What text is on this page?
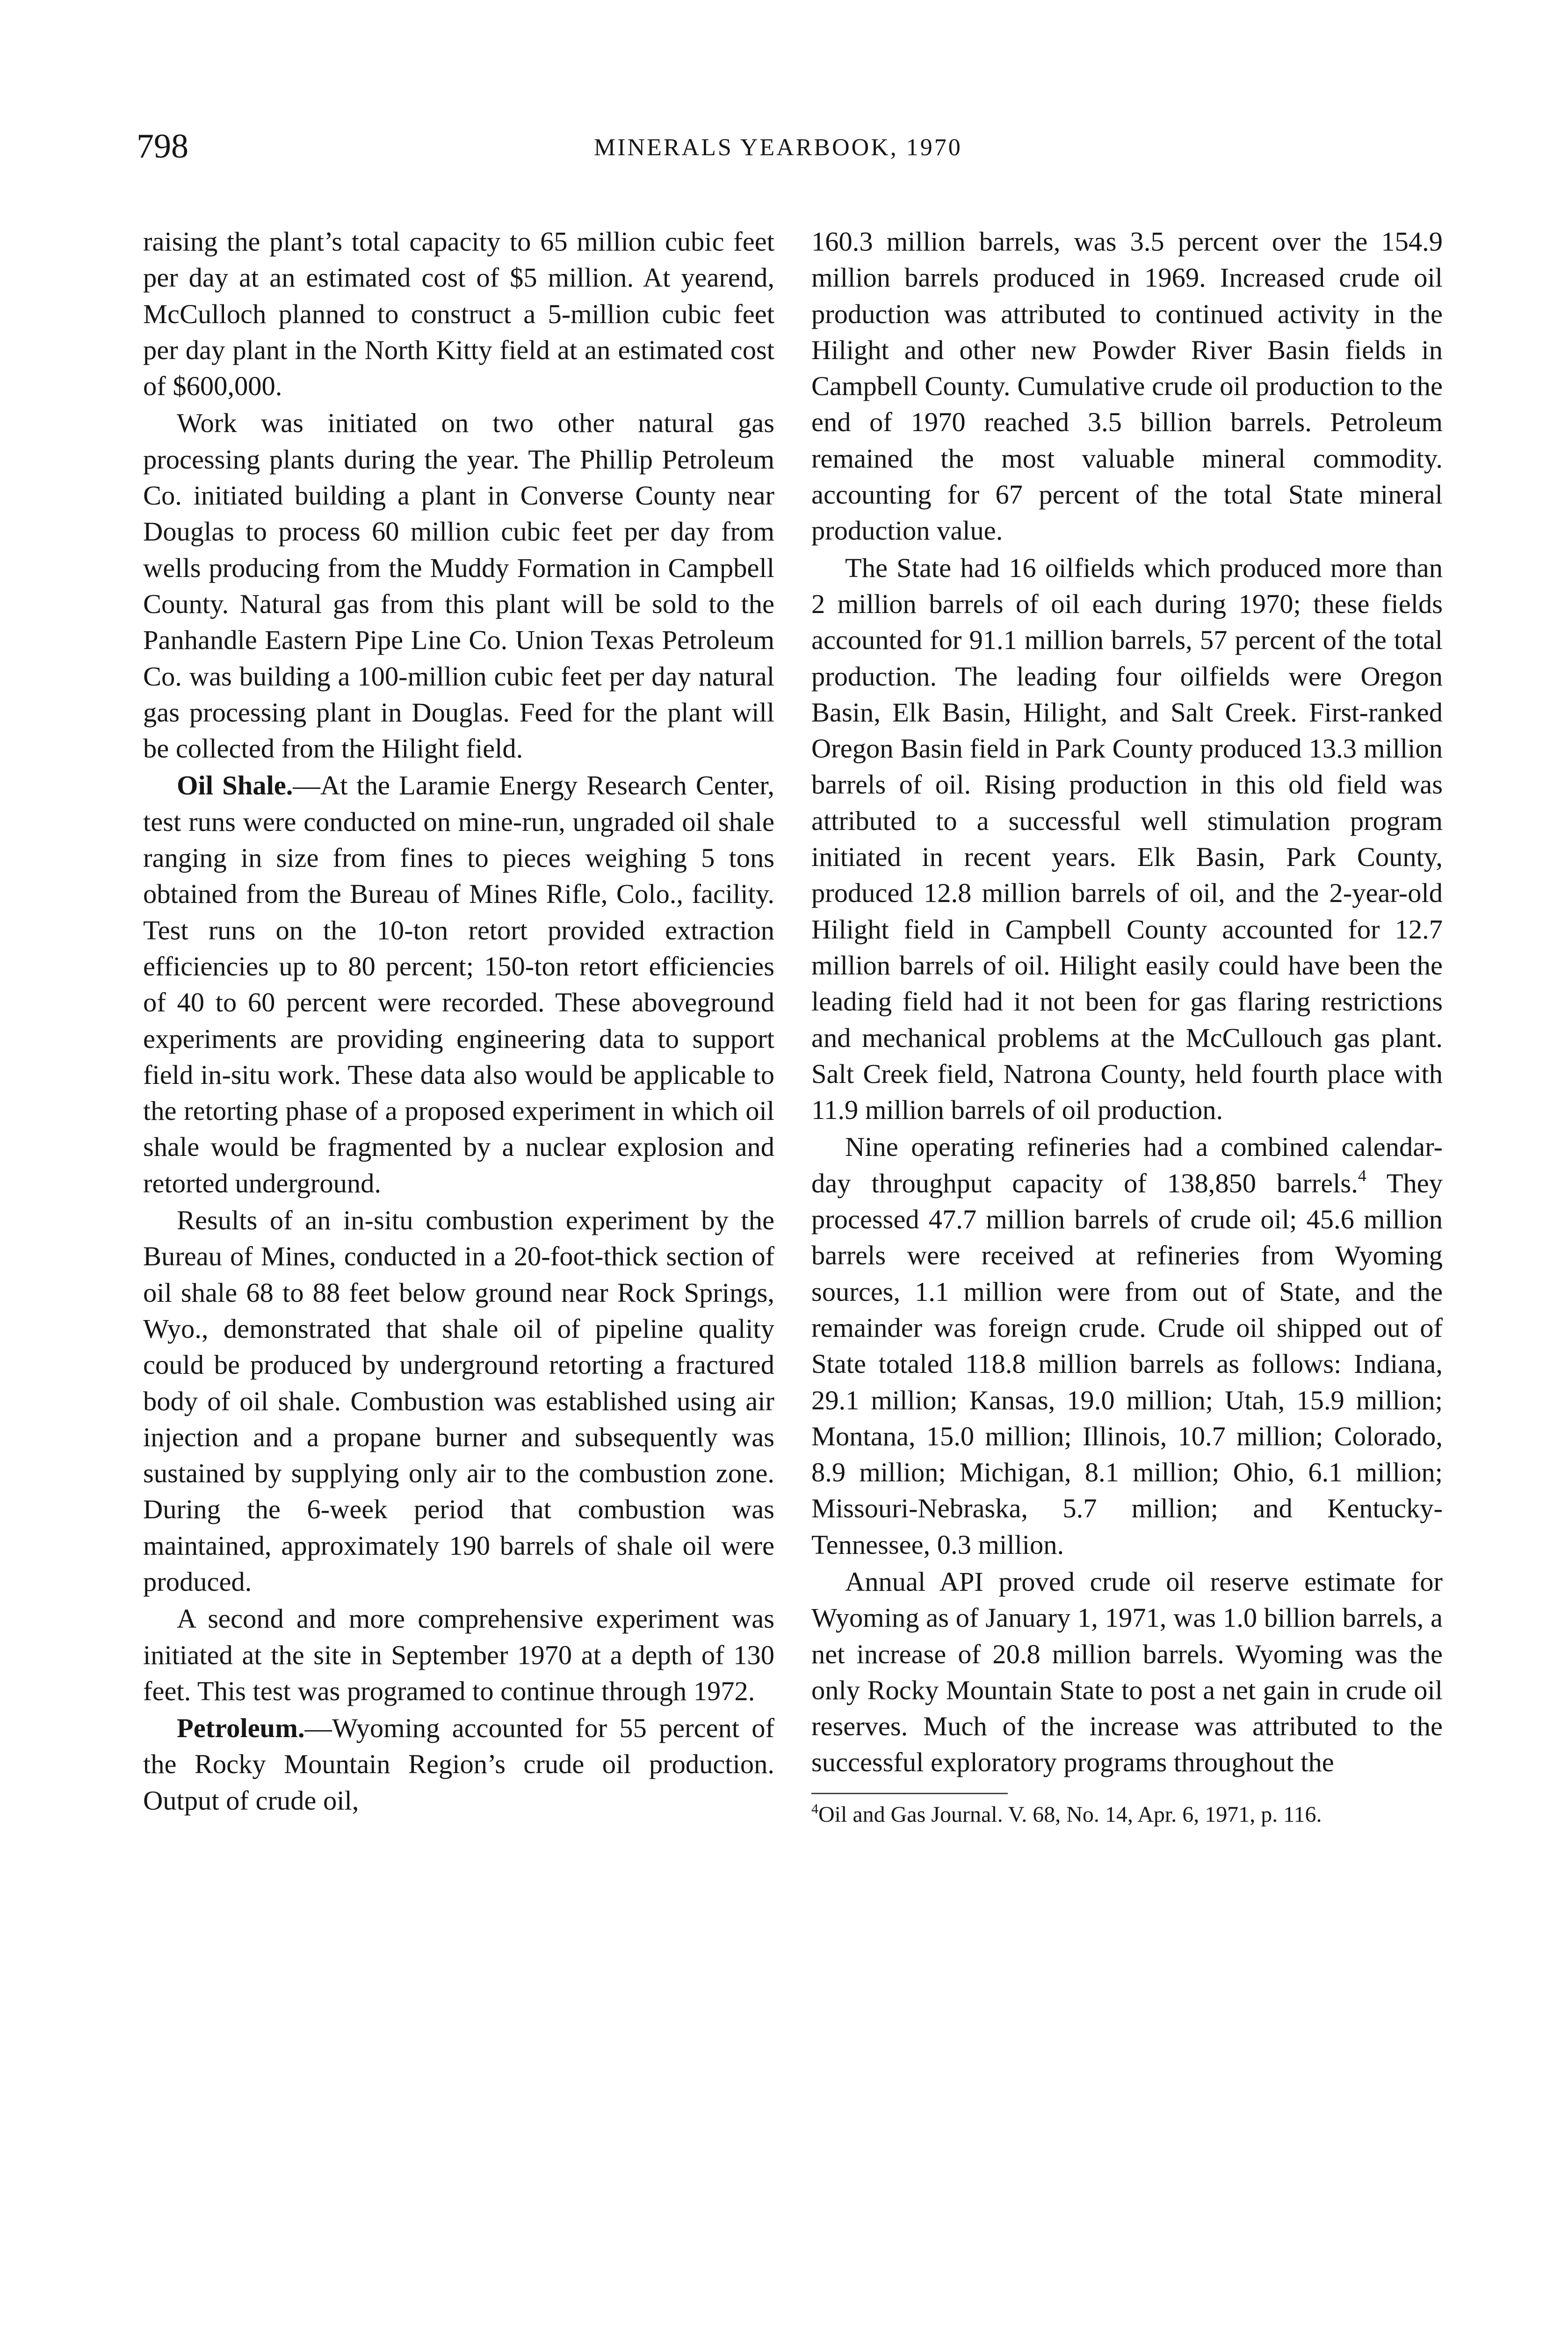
798	MINERALS YEARBOOK, 1970

raising the plant’s total capacity to 65 million cubic feet per day at an estimated cost of $5 million. At yearend, McCulloch planned to construct a 5-million cubic feet per day plant in the North Kitty field at an estimated cost of $600,000.

Work was initiated on two other natural gas processing plants during the year. The Phillip Petroleum Co. initiated building a plant in Converse County near Douglas to process 60 million cubic feet per day from wells producing from the Muddy Formation in Campbell County. Natural gas from this plant will be sold to the Panhandle Eastern Pipe Line Co. Union Texas Petroleum Co. was building a 100-million cubic feet per day natural gas processing plant in Douglas. Feed for the plant will be collected from the Hilight field.

Oil Shale.—At the Laramie Energy Research Center, test runs were conducted on mine-run, ungraded oil shale ranging in size from fines to pieces weighing 5 tons obtained from the Bureau of Mines Rifle, Colo., facility. Test runs on the 10-ton retort provided extraction efficiencies up to 80 percent; 150-ton retort efficiencies of 40 to 60 percent were recorded. These aboveground experiments are providing engineering data to support field in-situ work. These data also would be applicable to the retorting phase of a proposed experiment in which oil shale would be fragmented by a nuclear explosion and retorted underground.

Results of an in-situ combustion experiment by the Bureau of Mines, conducted in a 20-foot-thick section of oil shale 68 to 88 feet below ground near Rock Springs, Wyo., demonstrated that shale oil of pipeline quality could be produced by underground retorting a fractured body of oil shale. Combustion was established using air injection and a propane burner and subsequently was sustained by supplying only air to the combustion zone. During the 6-week period that combustion was maintained, approximately 190 barrels of shale oil were produced.

A second and more comprehensive experiment was initiated at the site in September 1970 at a depth of 130 feet. This test was programed to continue through 1972.

Petroleum.—Wyoming accounted for 55 percent of the Rocky Mountain Region’s crude oil production. Output of crude oil,

160.3 million barrels, was 3.5 percent over the 154.9 million barrels produced in 1969. Increased crude oil production was attributed to continued activity in the Hilight and other new Powder River Basin fields in Campbell County. Cumulative crude oil production to the end of 1970 reached 3.5 billion barrels. Petroleum remained the most valuable mineral commodity. accounting for 67 percent of the total State mineral production value.

The State had 16 oilfields which produced more than 2 million barrels of oil each during 1970; these fields accounted for 91.1 million barrels, 57 percent of the total production. The leading four oilfields were Oregon Basin, Elk Basin, Hilight, and Salt Creek. First-ranked Oregon Basin field in Park County produced 13.3 million barrels of oil. Rising production in this old field was attributed to a successful well stimulation program initiated in recent years. Elk Basin, Park County, produced 12.8 million barrels of oil, and the 2-year-old Hilight field in Campbell County accounted for 12.7 million barrels of oil. Hilight easily could have been the leading field had it not been for gas flaring restrictions and mechanical problems at the McCullouch gas plant. Salt Creek field, Natrona County, held fourth place with 11.9 million barrels of oil production.

Nine operating refineries had a combined calendar-day throughput capacity of 138,850 barrels.$^4$ They processed 47.7 million barrels of crude oil; 45.6 million barrels were received at refineries from Wyoming sources, 1.1 million were from out of State, and the remainder was foreign crude. Crude oil shipped out of State totaled 118.8 million barrels as follows: Indiana, 29.1 million; Kansas, 19.0 million; Utah, 15.9 million; Montana, 15.0 million; Illinois, 10.7 million; Colorado, 8.9 million; Michigan, 8.1 million; Ohio, 6.1 million; Missouri-Nebraska, 5.7 million; and Kentucky-Tennessee, 0.3 million.

Annual API proved crude oil reserve estimate for Wyoming as of January 1, 1971, was 1.0 billion barrels, a net increase of 20.8 million barrels. Wyoming was the only Rocky Mountain State to post a net gain in crude oil reserves. Much of the increase was attributed to the successful exploratory programs throughout the

$^4$Oil and Gas Journal. V. 68, No. 14, Apr. 6, 1971, p. 116.
